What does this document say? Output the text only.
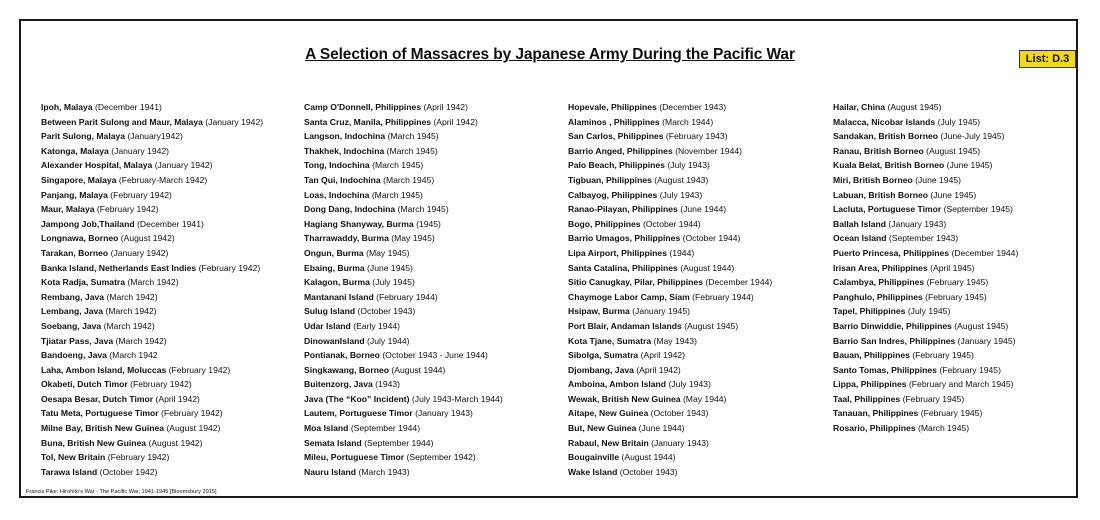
A Selection of Massacres by Japanese Army During the Pacific War	List: D.3
Ipoh, Malaya (December 1941)
Between Parit Sulong and Maur, Malaya (January 1942)
Parit Sulong, Malaya (January1942)
Katonga, Malaya (January 1942)
Alexander Hospital, Malaya (January 1942)
Singapore, Malaya (February-March 1942)
Panjang, Malaya (February 1942)
Maur, Malaya (February 1942)
Jampong Job,Thailand (December 1941)
Longnawa, Borneo (August 1942)
Tarakan, Borneo (January 1942)
Banka Island, Netherlands East Indies (February 1942)
Kota Radja, Sumatra (March 1942)
Rembang, Java (March 1942)
Lembang, Java (March 1942)
Soebang, Java (March 1942)
Tjiatar Pass, Java (March 1942)
Bandoeng, Java (March 1942
Laha, Ambon Island, Moluccas (February 1942)
Okabeti, Dutch Timor (February 1942)
Oesapa Besar, Dutch Timor (April 1942)
Tatu Meta, Portuguese Timor (February 1942)
Milne Bay, British New Guinea (August 1942)
Buna, British New Guinea (August 1942)
Tol, New Britain (February 1942)
Tarawa Island (October 1942)
Camp O'Donnell, Philippines (April 1942)
Santa Cruz, Manila, Philippines (April 1942)
Langson, Indochina (March 1945)
Thakhek, Indochina (March 1945)
Tong, Indochina (March 1945)
Tan Qui, Indochina (March 1945)
Loas, Indochina (March 1945)
Dong Dang, Indochina (March 1945)
Hagiang Shanyway, Burma (1945)
Tharrawaddy, Burma (May 1945)
Ongun, Burma (May 1945)
Ebaing, Burma (June 1945)
Kalagon, Burma (July 1945)
Mantanani Island (February 1944)
Sulug Island (October 1943)
Udar Island (Early 1944)
DinowanIsland (July 1944)
Pontianak, Borneo (October 1943 - June 1944)
Singkawang, Borneo (August 1944)
Buitenzorg, Java (1943)
Java (The “Koo” Incident) (July 1943-March 1944)
Lautem, Portuguese Timor (January 1943)
Moa Island (September 1944)
Semata Island (September 1944)
Mileu, Portuguese Timor (September 1942)
Nauru Island (March 1943)
Hopevale, Philippines (December 1943)
Alaminos , Philippines (March 1944)
San Carlos, Philippines (February 1943)
Barrio Anged, Philippines (November 1944)
Palo Beach, Philippines (July 1943)
Tigbuan, Philippines (August 1943)
Calbayog, Philippines (July 1943)
Ranao-Pilayan, Philippines (June 1944)
Bogo, Philippines (October 1944)
Barrio Umagos, Philippines (October 1944)
Lipa Airport, Philippines (1944)
Santa Catalina, Philippines (August 1944)
Sitio Canugkay, Pilar, Philippines (December 1944)
Chaymoge Labor Camp, Siam (February 1944)
Hsipaw, Burma (January 1945)
Port Blair, Andaman Islands (August 1945)
Kota Tjane, Sumatra (May 1943)
Sibolga, Sumatra (April 1942)
Djombang, Java (April 1942)
Amboina, Ambon Island (July 1943)
Wewak, British New Guinea (May 1944)
Aitape, New Guinea (October 1943)
But, New Guinea (June 1944)
Rabaul, New Britain (January 1943)
Bougainville (August 1944)
Wake Island (October 1943)
Hailar, China (August 1945)
Malacca, Nicobar Islands (July 1945)
Sandakan, British Borneo (June-July 1945)
Ranau, British Borneo (August 1945)
Kuala Belat, British Borneo (June 1945)
Miri, British Borneo (June 1945)
Labuan, British Borneo (June 1945)
Lacluta, Portuguese Timor (September 1945)
Ballah Island (January 1943)
Ocean Island (September 1943)
Puerto Princesa, Philippines (December 1944)
Irisan Area, Philippines (April 1945)
Calambya, Philippines (February 1945)
Panghulo, Philippines (February 1945)
Tapel, Philippines (July 1945)
Barrio Dinwiddie, Philippines (August 1945)
Barrio San Indres, Philippines (January 1945)
Bauan, Philippines (February 1945)
Santo Tomas, Philippines (February 1945)
Lippa, Philippines (February and March 1945)
Taal, Philippines (February 1945)
Tanauan, Philippines (February 1945)
Rosario, Philippines (March 1945)
Francis Pike: Hirohito's War - The Pacific War, 1941-1945 [Bloomsbury 2015]
